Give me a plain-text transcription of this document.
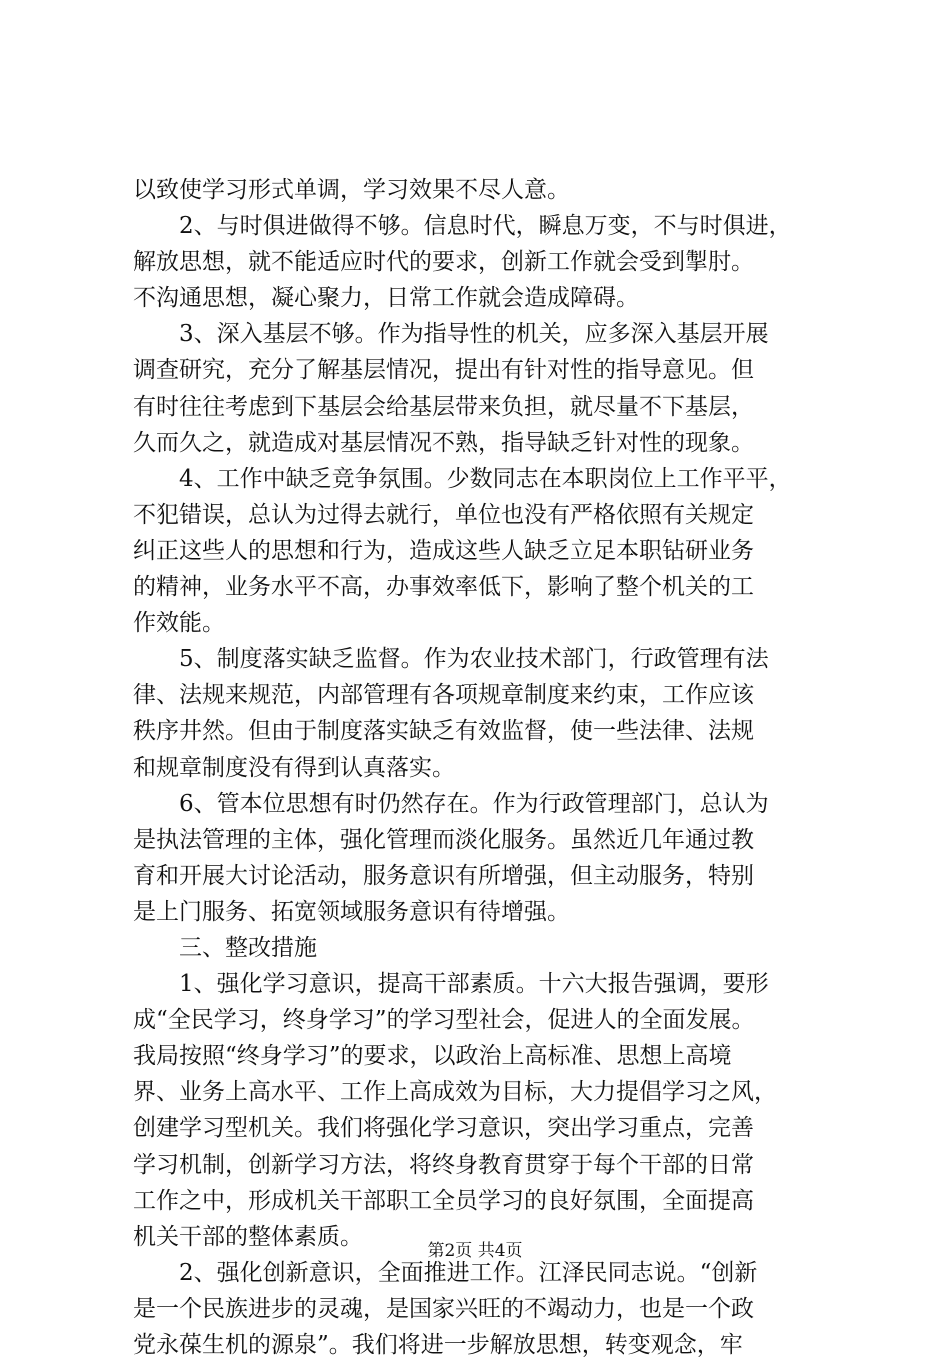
以致使学习形式单调，学习效果不尽人意。
2、与时俱进做得不够。信息时代，瞬息万变，不与时俱进，
解放思想，就不能适应时代的要求，创新工作就会受到掣肘。
不沟通思想，凝心聚力，日常工作就会造成障碍。
3、深入基层不够。作为指导性的机关，应多深入基层开展
调查研究，充分了解基层情况，提出有针对性的指导意见。但
有时往往考虑到下基层会给基层带来负担，就尽量不下基层，
久而久之，就造成对基层情况不熟，指导缺乏针对性的现象。
4、工作中缺乏竞争氛围。少数同志在本职岗位上工作平平，
不犯错误，总认为过得去就行，单位也没有严格依照有关规定
纠正这些人的思想和行为，造成这些人缺乏立足本职钻研业务
的精神，业务水平不高，办事效率低下，影响了整个机关的工
作效能。
5、制度落实缺乏监督。作为农业技术部门，行政管理有法
律、法规来规范，内部管理有各项规章制度来约束，工作应该
秩序井然。但由于制度落实缺乏有效监督，使一些法律、法规
和规章制度没有得到认真落实。
6、管本位思想有时仍然存在。作为行政管理部门，总认为
是执法管理的主体，强化管理而淡化服务。虽然近几年通过教
育和开展大讨论活动，服务意识有所增强，但主动服务，特别
是上门服务、拓宽领域服务意识有待增强。
三、整改措施
1、强化学习意识，提高干部素质。十六大报告强调，要形
成“全民学习，终身学习”的学习型社会，促进人的全面发展。
我局按照“终身学习”的要求，以政治上高标准、思想上高境
界、业务上高水平、工作上高成效为目标，大力提倡学习之风，
创建学习型机关。我们将强化学习意识，突出学习重点，完善
学习机制，创新学习方法，将终身教育贯穿于每个干部的日常
工作之中，形成机关干部职工全员学习的良好氛围，全面提高
机关干部的整体素质。
2、强化创新意识，全面推进工作。江泽民同志说。“创新
是一个民族进步的灵魂，是国家兴旺的不竭动力，也是一个政
党永葆生机的源泉”。我们将进一步解放思想，转变观念，牢
第2页 共4页
